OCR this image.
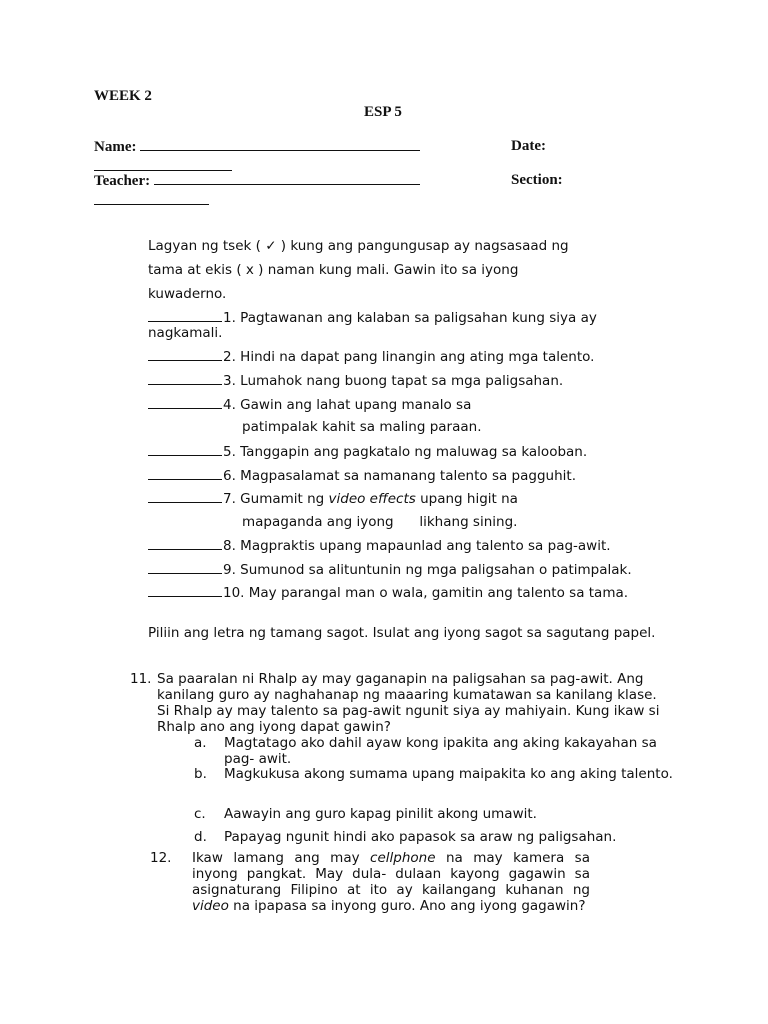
WEEK 2
ESP 5
Name:	Date:
Teacher:	Section:
Lagyan ng tsek ( ✓ ) kung ang pangungusap ay nagsasaad ng
tama at ekis ( x ) naman kung mali. Gawin ito sa iyong
kuwaderno.
1. Pagtawanan ang kalaban sa paligsahan kung siya ay
nagkamali.
2. Hindi na dapat pang linangin ang ating mga talento.
3. Lumahok nang buong tapat sa mga paligsahan.
4. Gawin ang lahat upang manalo sa
patimpalak kahit sa maling paraan.
5. Tanggapin ang pagkatalo ng maluwag sa kalooban.
6. Magpasalamat sa namanang talento sa pagguhit.
7. Gumamit ng video effects upang higit na
mapaganda ang iyong      likhang sining.
8. Magpraktis upang mapaunlad ang talento sa pag-awit.
9. Sumunod sa alituntunin ng mga paligsahan o patimpalak.
10. May parangal man o wala, gamitin ang talento sa tama.
Piliin ang letra ng tamang sagot. Isulat ang iyong sagot sa sagutang papel.
11. Sa paaralan ni Rhalp ay may gaganapin na paligsahan sa pag-awit. Ang kanilang guro ay naghahanap ng maaaring kumatawan sa kanilang klase. Si Rhalp ay may talento sa pag-awit ngunit siya ay mahiyain. Kung ikaw si Rhalp ano ang iyong dapat gawin?
a. Magtatago ako dahil ayaw kong ipakita ang aking kakayahan sa pag- awit.
b. Magkukusa akong sumama upang maipakita ko ang aking talento.
c. Aawayin ang guro kapag pinilit akong umawit.
d. Papayag ngunit hindi ako papasok sa araw ng paligsahan.
12. Ikaw lamang ang may cellphone na may kamera sa inyong pangkat. May dula- dulaan kayong gagawin sa asignaturang Filipino at ito ay kailangang kuhanan ng video na ipapasa sa inyong guro. Ano ang iyong gagawin?
